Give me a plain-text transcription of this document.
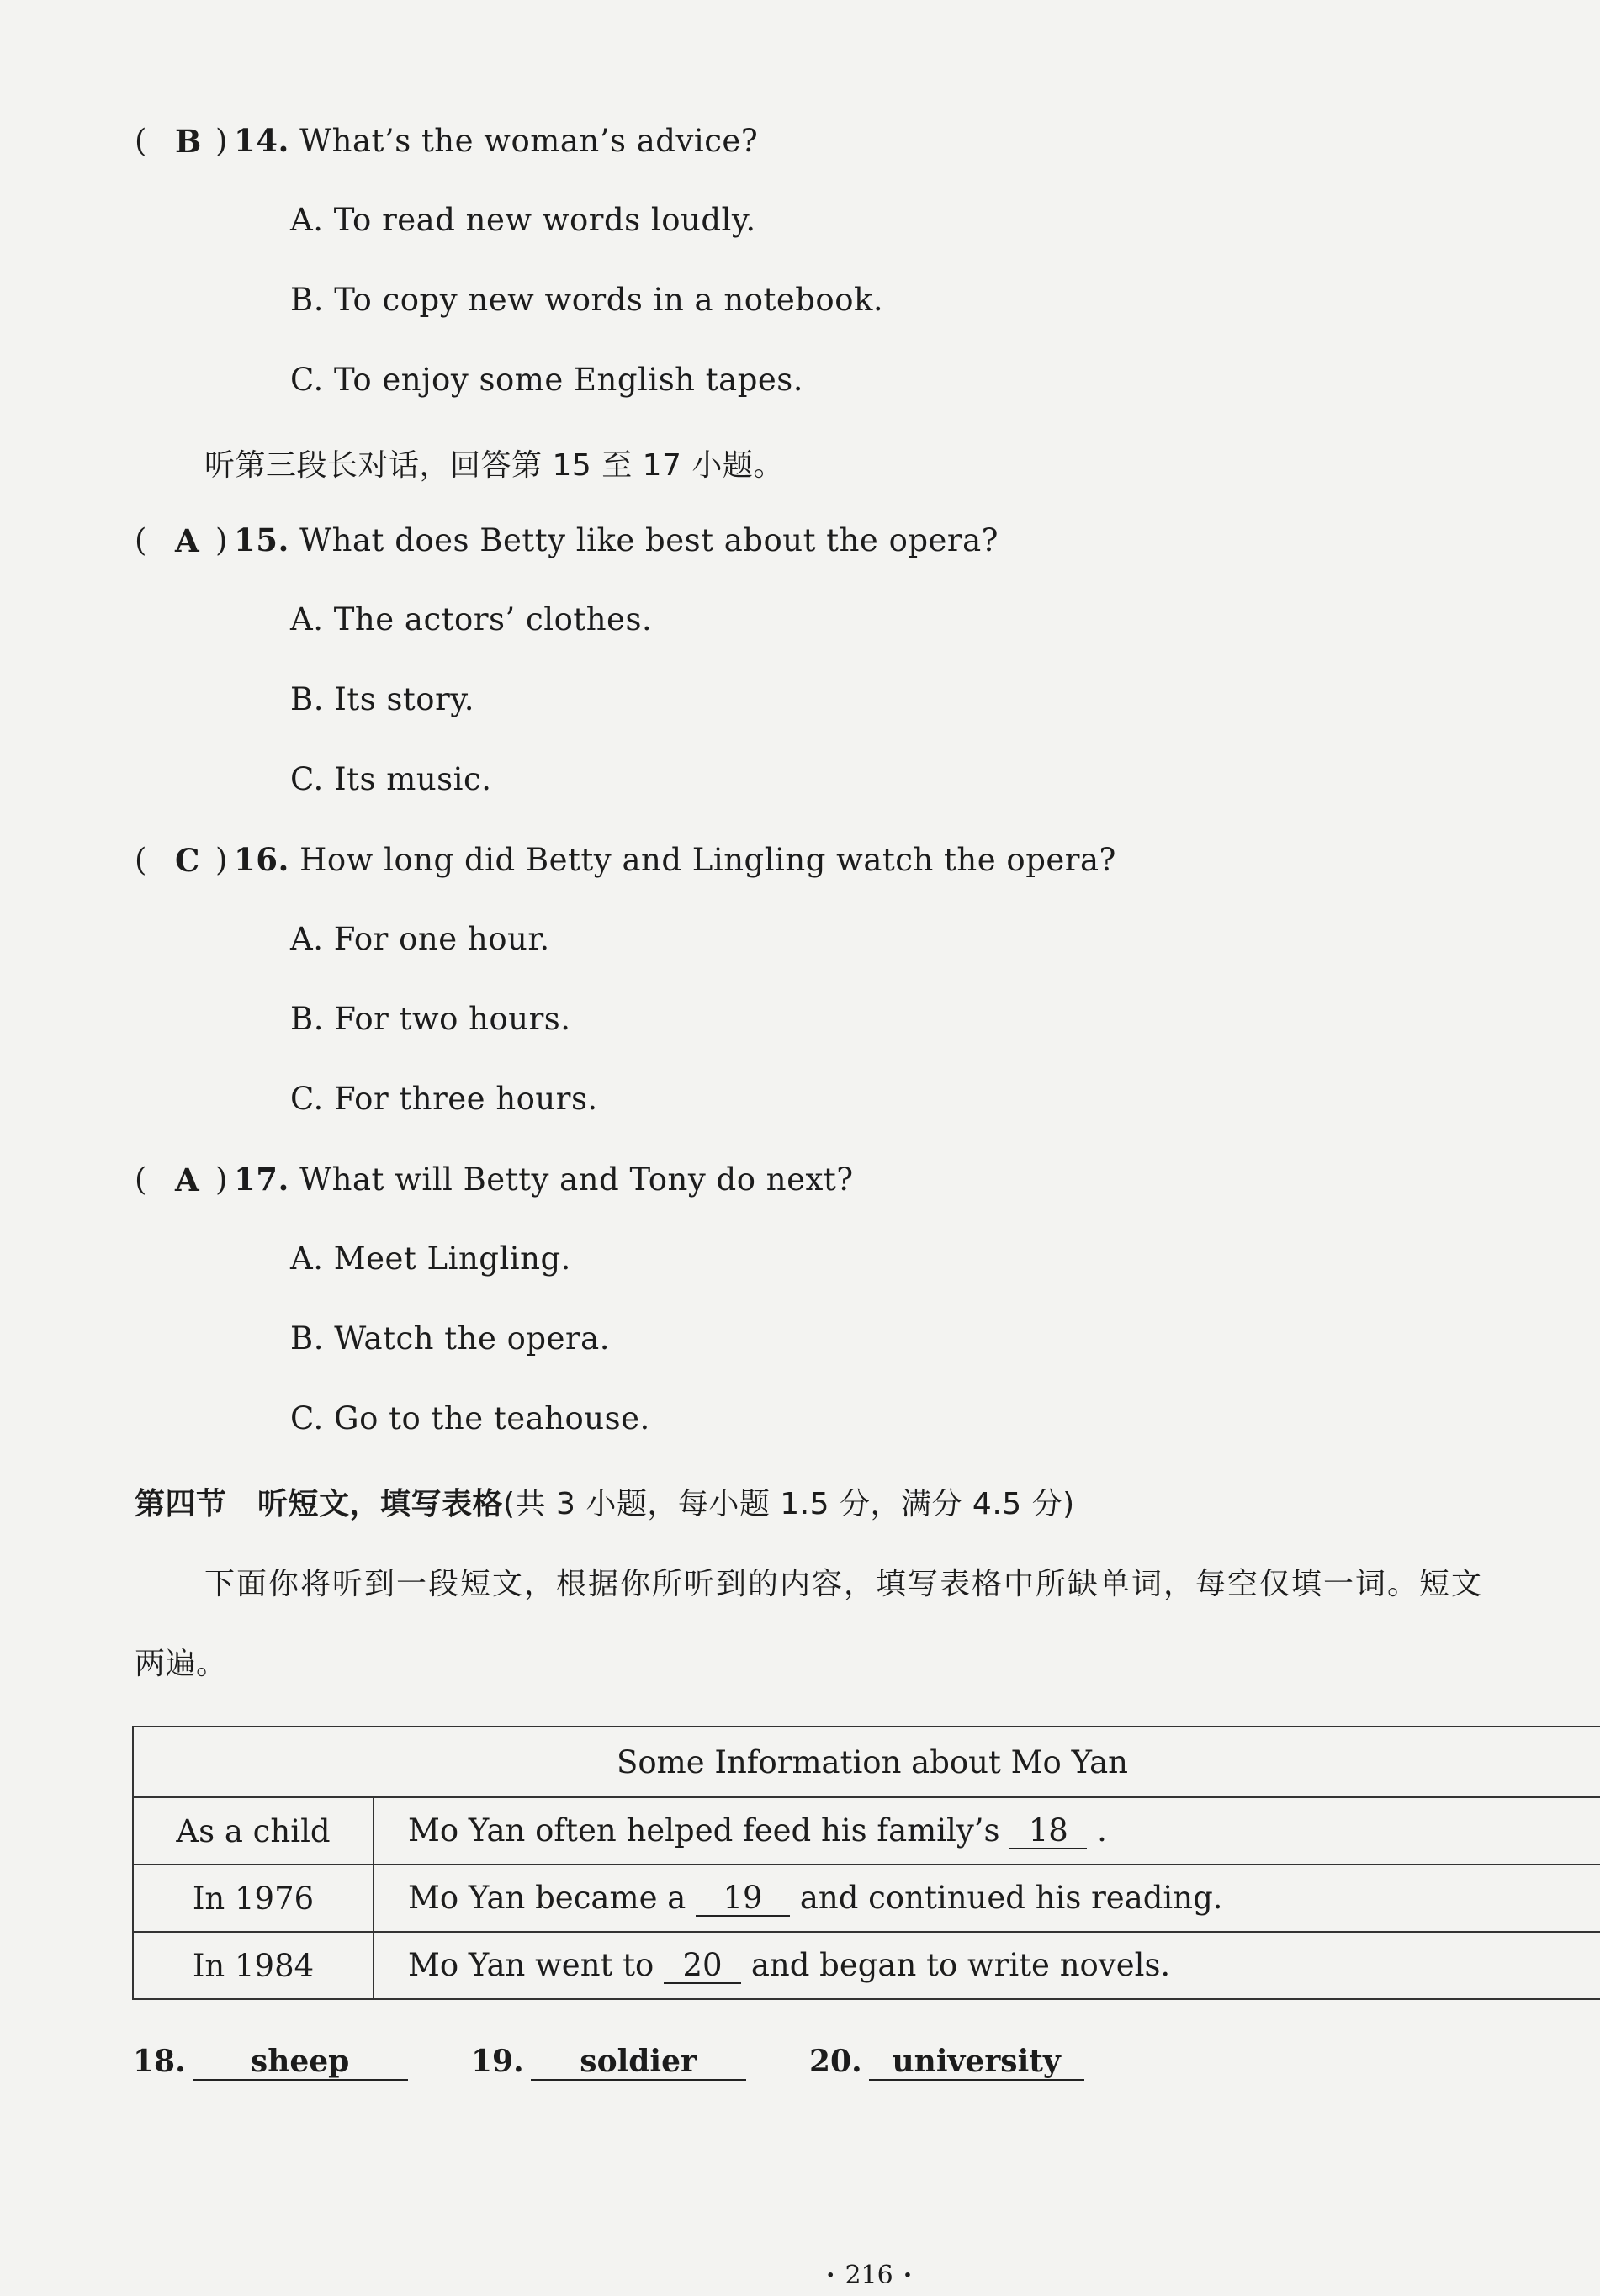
( B ) 14. What’s the woman’s advice?
A. To read new words loudly.
B. To copy new words in a notebook.
C. To enjoy some English tapes.
听第三段长对话，回答第 15 至 17 小题。
( A ) 15. What does Betty like best about the opera?
A. The actors’ clothes.
B. Its story.
C. Its music.
( C ) 16. How long did Betty and Lingling watch the opera?
A. For one hour.
B. For two hours.
C. For three hours.
( A ) 17. What will Betty and Tony do next?
A. Meet Lingling.
B. Watch the opera.
C. Go to the teahouse.
第四节　听短文，填写表格(共 3 小题，每小题 1.5 分，满分 4.5 分)
下面你将听到一段短文，根据你所听到的内容，填写表格中所缺单词，每空仅填一词。短文
两遍。
Some Information about Mo Yan	
As a child	Mo Yan often helped feed his family’s 18 .
In 1976	Mo Yan became a 19 and continued his reading.
In 1984	Mo Yan went to 20 and began to write novels.
18. sheep	19. soldier	20. university
· 216 ·
